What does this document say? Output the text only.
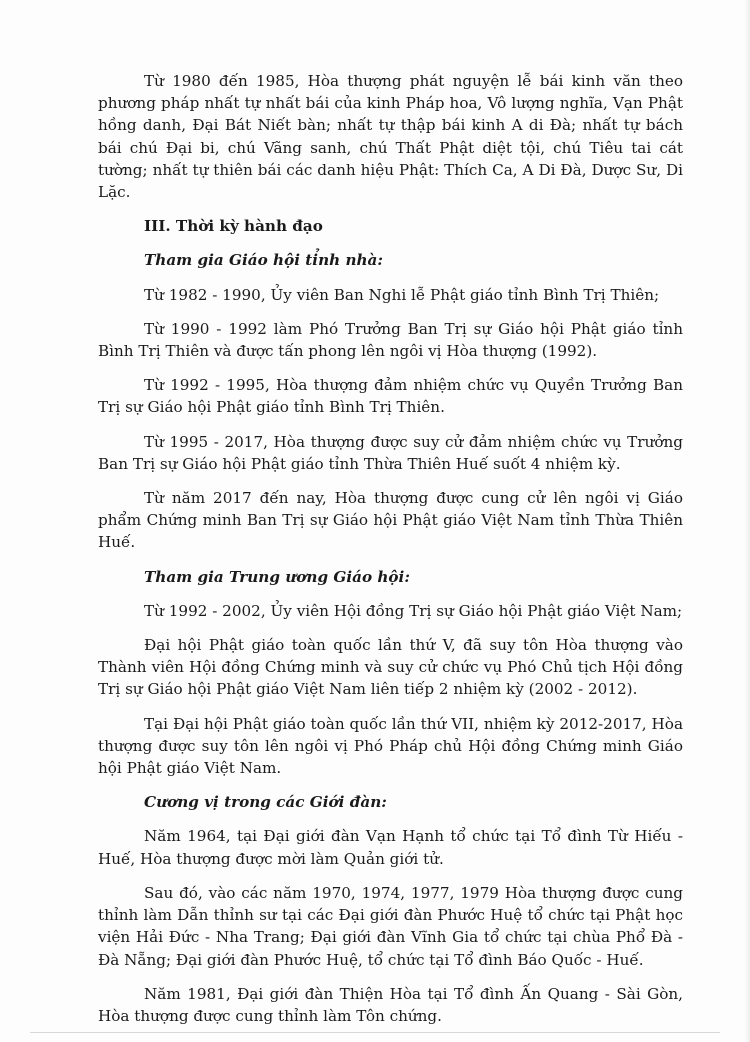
Từ 1980 đến 1985, Hòa thượng phát nguyện lễ bái kinh văn theo phương pháp nhất tự nhất bái của kinh Pháp hoa, Vô lượng nghĩa, Vạn Phật hồng danh, Đại Bát Niết bàn; nhất tự thập bái kinh A di Đà; nhất tự bách bái chú Đại bi, chú Vãng sanh, chú Thất Phật diệt tội, chú Tiêu tai cát tường; nhất tự thiên bái các danh hiệu Phật: Thích Ca, A Di Đà, Dược Sư, Di Lặc.

III. Thời kỳ hành đạo

Tham gia Giáo hội tỉnh nhà:

Từ 1982 - 1990, Ủy viên Ban Nghi lễ Phật giáo tỉnh Bình Trị Thiên;

Từ 1990 - 1992 làm Phó Trưởng Ban Trị sự Giáo hội Phật giáo tỉnh Bình Trị Thiên và được tấn phong lên ngôi vị Hòa thượng (1992).

Từ 1992 - 1995, Hòa thượng đảm nhiệm chức vụ Quyền Trưởng Ban Trị sự Giáo hội Phật giáo tỉnh Bình Trị Thiên.

Từ 1995 - 2017, Hòa thượng được suy cử đảm nhiệm chức vụ Trưởng Ban Trị sự Giáo hội Phật giáo tỉnh Thừa Thiên Huế suốt 4 nhiệm kỳ.

Từ năm 2017 đến nay, Hòa thượng được cung cử lên ngôi vị Giáo phẩm Chứng minh Ban Trị sự Giáo hội Phật giáo Việt Nam tỉnh Thừa Thiên Huế.

Tham gia Trung ương Giáo hội:

Từ 1992 - 2002, Ủy viên Hội đồng Trị sự Giáo hội Phật giáo Việt Nam;

Đại hội Phật giáo toàn quốc lần thứ V, đã suy tôn Hòa thượng vào Thành viên Hội đồng Chứng minh và suy cử chức vụ Phó Chủ tịch Hội đồng Trị sự Giáo hội Phật giáo Việt Nam liên tiếp 2 nhiệm kỳ (2002 - 2012).

Tại Đại hội Phật giáo toàn quốc lần thứ VII, nhiệm kỳ 2012-2017, Hòa thượng được suy tôn lên ngôi vị Phó Pháp chủ Hội đồng Chứng minh Giáo hội Phật giáo Việt Nam.

Cương vị trong các Giới đàn:

Năm 1964, tại Đại giới đàn Vạn Hạnh tổ chức tại Tổ đình Từ Hiếu - Huế, Hòa thượng được mời làm Quản giới tử.

Sau đó, vào các năm 1970, 1974, 1977, 1979 Hòa thượng được cung thỉnh làm Dẫn thỉnh sư tại các Đại giới đàn Phước Huệ tổ chức tại Phật học viện Hải Đức - Nha Trang; Đại giới đàn Vĩnh Gia tổ chức tại chùa Phổ Đà - Đà Nẵng; Đại giới đàn Phước Huệ, tổ chức tại Tổ đình Báo Quốc - Huế.

Năm 1981, Đại giới đàn Thiện Hòa tại Tổ đình Ấn Quang - Sài Gòn, Hòa thượng được cung thỉnh làm Tôn chứng.
